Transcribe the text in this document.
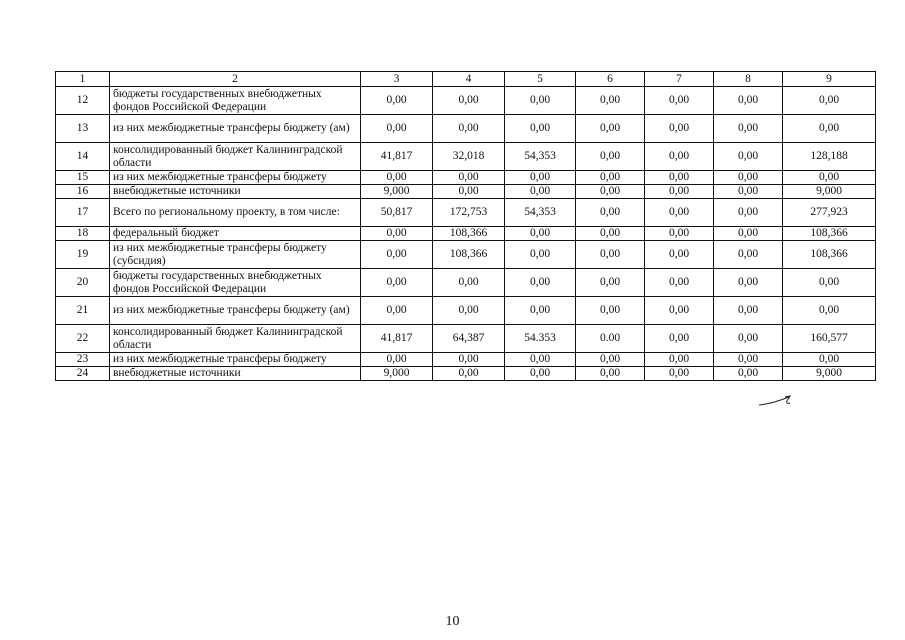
1	2	3	4	5	6	7	8	9
12	бюджеты государственных внебюджетных фондов Российской Федерации	0,00	0,00	0,00	0,00	0,00	0,00	0,00
13	из них межбюджетные трансферы бюджету (ам)	0,00	0,00	0,00	0,00	0,00	0,00	0,00
14	консолидированный бюджет Калининградской области	41,817	32,018	54,353	0,00	0,00	0,00	128,188
15	из них межбюджетные трансферы бюджету	0,00	0,00	0,00	0,00	0,00	0,00	0,00
16	внебюджетные источники	9,000	0,00	0,00	0,00	0,00	0,00	9,000
17	Всего по региональному проекту, в том числе:	50,817	172,753	54,353	0,00	0,00	0,00	277,923
18	федеральный бюджет	0,00	108,366	0,00	0,00	0,00	0,00	108,366
19	из них межбюджетные трансферы бюджету (субсидия)	0,00	108,366	0,00	0,00	0,00	0,00	108,366
20	бюджеты государственных внебюджетных фондов Российской Федерации	0,00	0,00	0,00	0,00	0,00	0,00	0,00
21	из них межбюджетные трансферы бюджету (ам)	0,00	0,00	0,00	0,00	0,00	0,00	0,00
22	консолидированный бюджет Калининградской области	41,817	64,387	54.353	0.00	0,00	0,00	160,577
23	из них межбюджетные трансферы бюджету	0,00	0,00	0,00	0,00	0,00	0,00	0,00
24	внебюджетные источники	9,000	0,00	0,00	0,00	0,00	0,00	9,000
10
